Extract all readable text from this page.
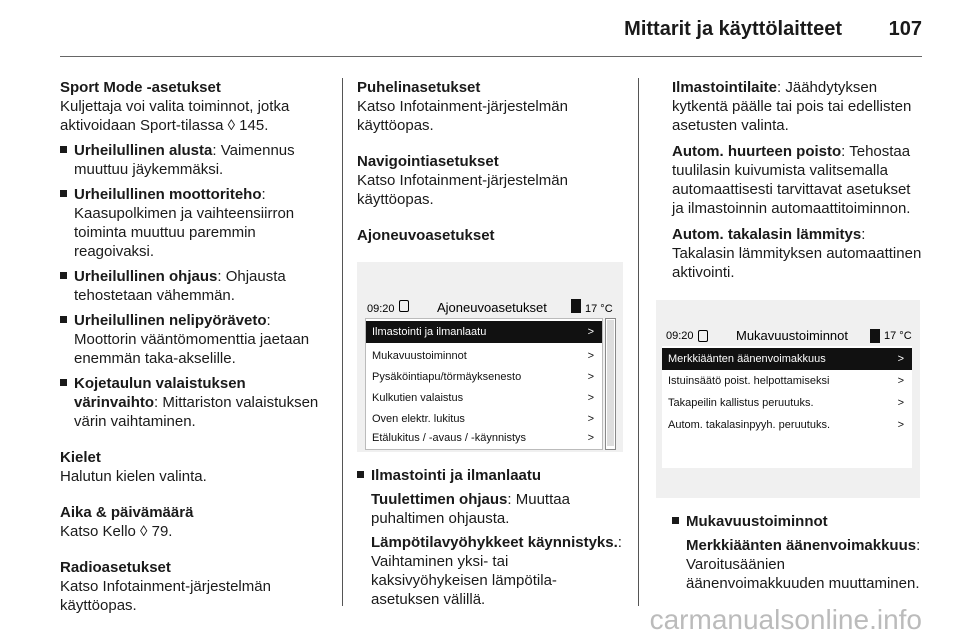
Mittarit ja käyttölaitteet 107
Sport Mode -asetukset
Kuljettaja voi valita toiminnot, jotka
aktivoidaan Sport-tilassa ◊ 145.
Urheilullinen alusta: Vaimennus muuttuu jäykemmäksi.
Urheilullinen moottoriteho: Kaasupolkimen ja vaihteensiirron toiminta muuttuu paremmin reagoivaksi.
Urheilullinen ohjaus: Ohjausta tehostetaan vähemmän.
Urheilullinen nelipyöräveto: Moottorin vääntömomenttia jaetaan enemmän taka-akselille.
Kojetaulun valaistuksen värinvaihto: Mittariston valaistuksen värin vaihtaminen.
Kielet
Halutun kielen valinta.
Aika & päivämäärä
Katso Kello ◊ 79.
Radioasetukset
Katso Infotainment-järjestelmän käyttöopas.
Puhelinasetukset
Katso Infotainment-järjestelmän käyttöopas.
Navigointiasetukset
Katso Infotainment-järjestelmän käyttöopas.
Ajoneuvoasetukset
09:20	Ajoneuvoasetukset	17 °C
Ilmastointi ja ilmanlaatu	>
Mukavuustoiminnot	>
Pysäköintiapu/törmäyksenesto	>
Kulkutien valaistus	>
Oven elektr. lukitus	>
Etälukitus / -avaus / -käynnistys	>
Ilmastointi ja ilmanlaatu
Tuulettimen ohjaus: Muuttaa puhaltimen ohjausta.
Lämpötilavyöhykkeet käynnistyks.: Vaihtaminen yksi- tai kaksivyöhykeisen lämpötila-asetuksen välillä.
Ilmastointilaite: Jäähdytyksen kytkentä päälle tai pois tai edellisten asetusten valinta.
Autom. huurteen poisto: Tehostaa tuulilasin kuivumista valitsemalla automaattisesti tarvittavat asetukset ja ilmastoinnin automaattitoiminnon.
Autom. takalasin lämmitys: Takalasin lämmityksen automaattinen aktivointi.
09:20	Mukavuustoiminnot	17 °C
Merkkiäänten äänenvoimakkuus	>
Istuinsäätö poist. helpottamiseksi	>
Takapeilin kallistus peruutuks.	>
Autom. takalasinpyyh. peruutuks.	>
Mukavuustoiminnot
Merkkiäänten äänenvoimakkuus: Varoitusäänien äänenvoimakkuuden muuttaminen.
carmanualsonline.info
